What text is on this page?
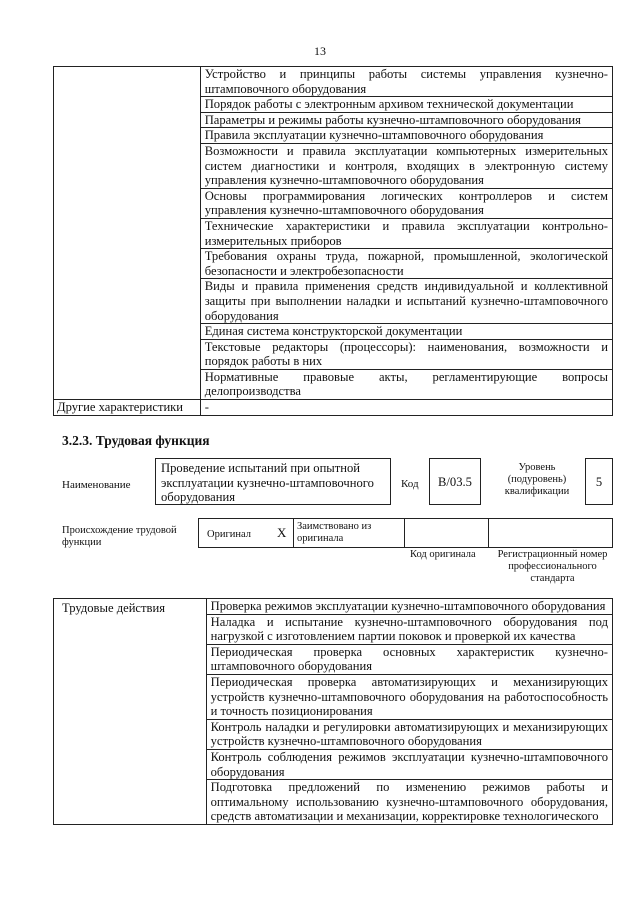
13
	Устройство и принципы работы системы управления кузнечно-штамповочного оборудования
	Порядок работы с электронным архивом технической документации
	Параметры и режимы работы кузнечно-штамповочного оборудования
	Правила эксплуатации кузнечно-штамповочного оборудования
	Возможности и правила эксплуатации компьютерных измерительных систем диагностики и контроля, входящих в электронную систему управления кузнечно-штамповочного оборудования
	Основы программирования логических контроллеров и систем управления кузнечно-штамповочного оборудования
	Технические характеристики и правила эксплуатации контрольно-измерительных приборов
	Требования охраны труда, пожарной, промышленной, экологической безопасности и электробезопасности
	Виды и правила применения средств индивидуальной и коллективной защиты при выполнении наладки и испытаний кузнечно-штамповочного оборудования
	Единая система конструкторской документации
	Текстовые редакторы (процессоры): наименования, возможности и порядок работы в них
	Нормативные правовые акты, регламентирующие вопросы делопроизводства
Другие характеристики	-
3.2.3. Трудовая функция
Наименование
Проведение испытаний при опытной эксплуатации кузнечно-штамповочного оборудования
Код	B/03.5
Уровень (подуровень) квалификации
5
Происхождение трудовой функции
Оригинал X Заимствовано из оригинала
Код оригинала	Регистрационный номер профессионального стандарта
Трудовые действия	Проверка режимов эксплуатации кузнечно-штамповочного оборудования
Наладка и испытание кузнечно-штамповочного оборудования под нагрузкой с изготовлением партии поковок и проверкой их качества
Периодическая проверка основных характеристик кузнечно-штамповочного оборудования
Периодическая проверка автоматизирующих и механизирующих устройств кузнечно-штамповочного оборудования на работоспособность и точность позиционирования
Контроль наладки и регулировки автоматизирующих и механизирующих устройств кузнечно-штамповочного оборудования
Контроль соблюдения режимов эксплуатации кузнечно-штамповочного оборудования
Подготовка предложений по изменению режимов работы и оптимальному использованию кузнечно-штамповочного оборудования, средств автоматизации и механизации, корректировке технологического
